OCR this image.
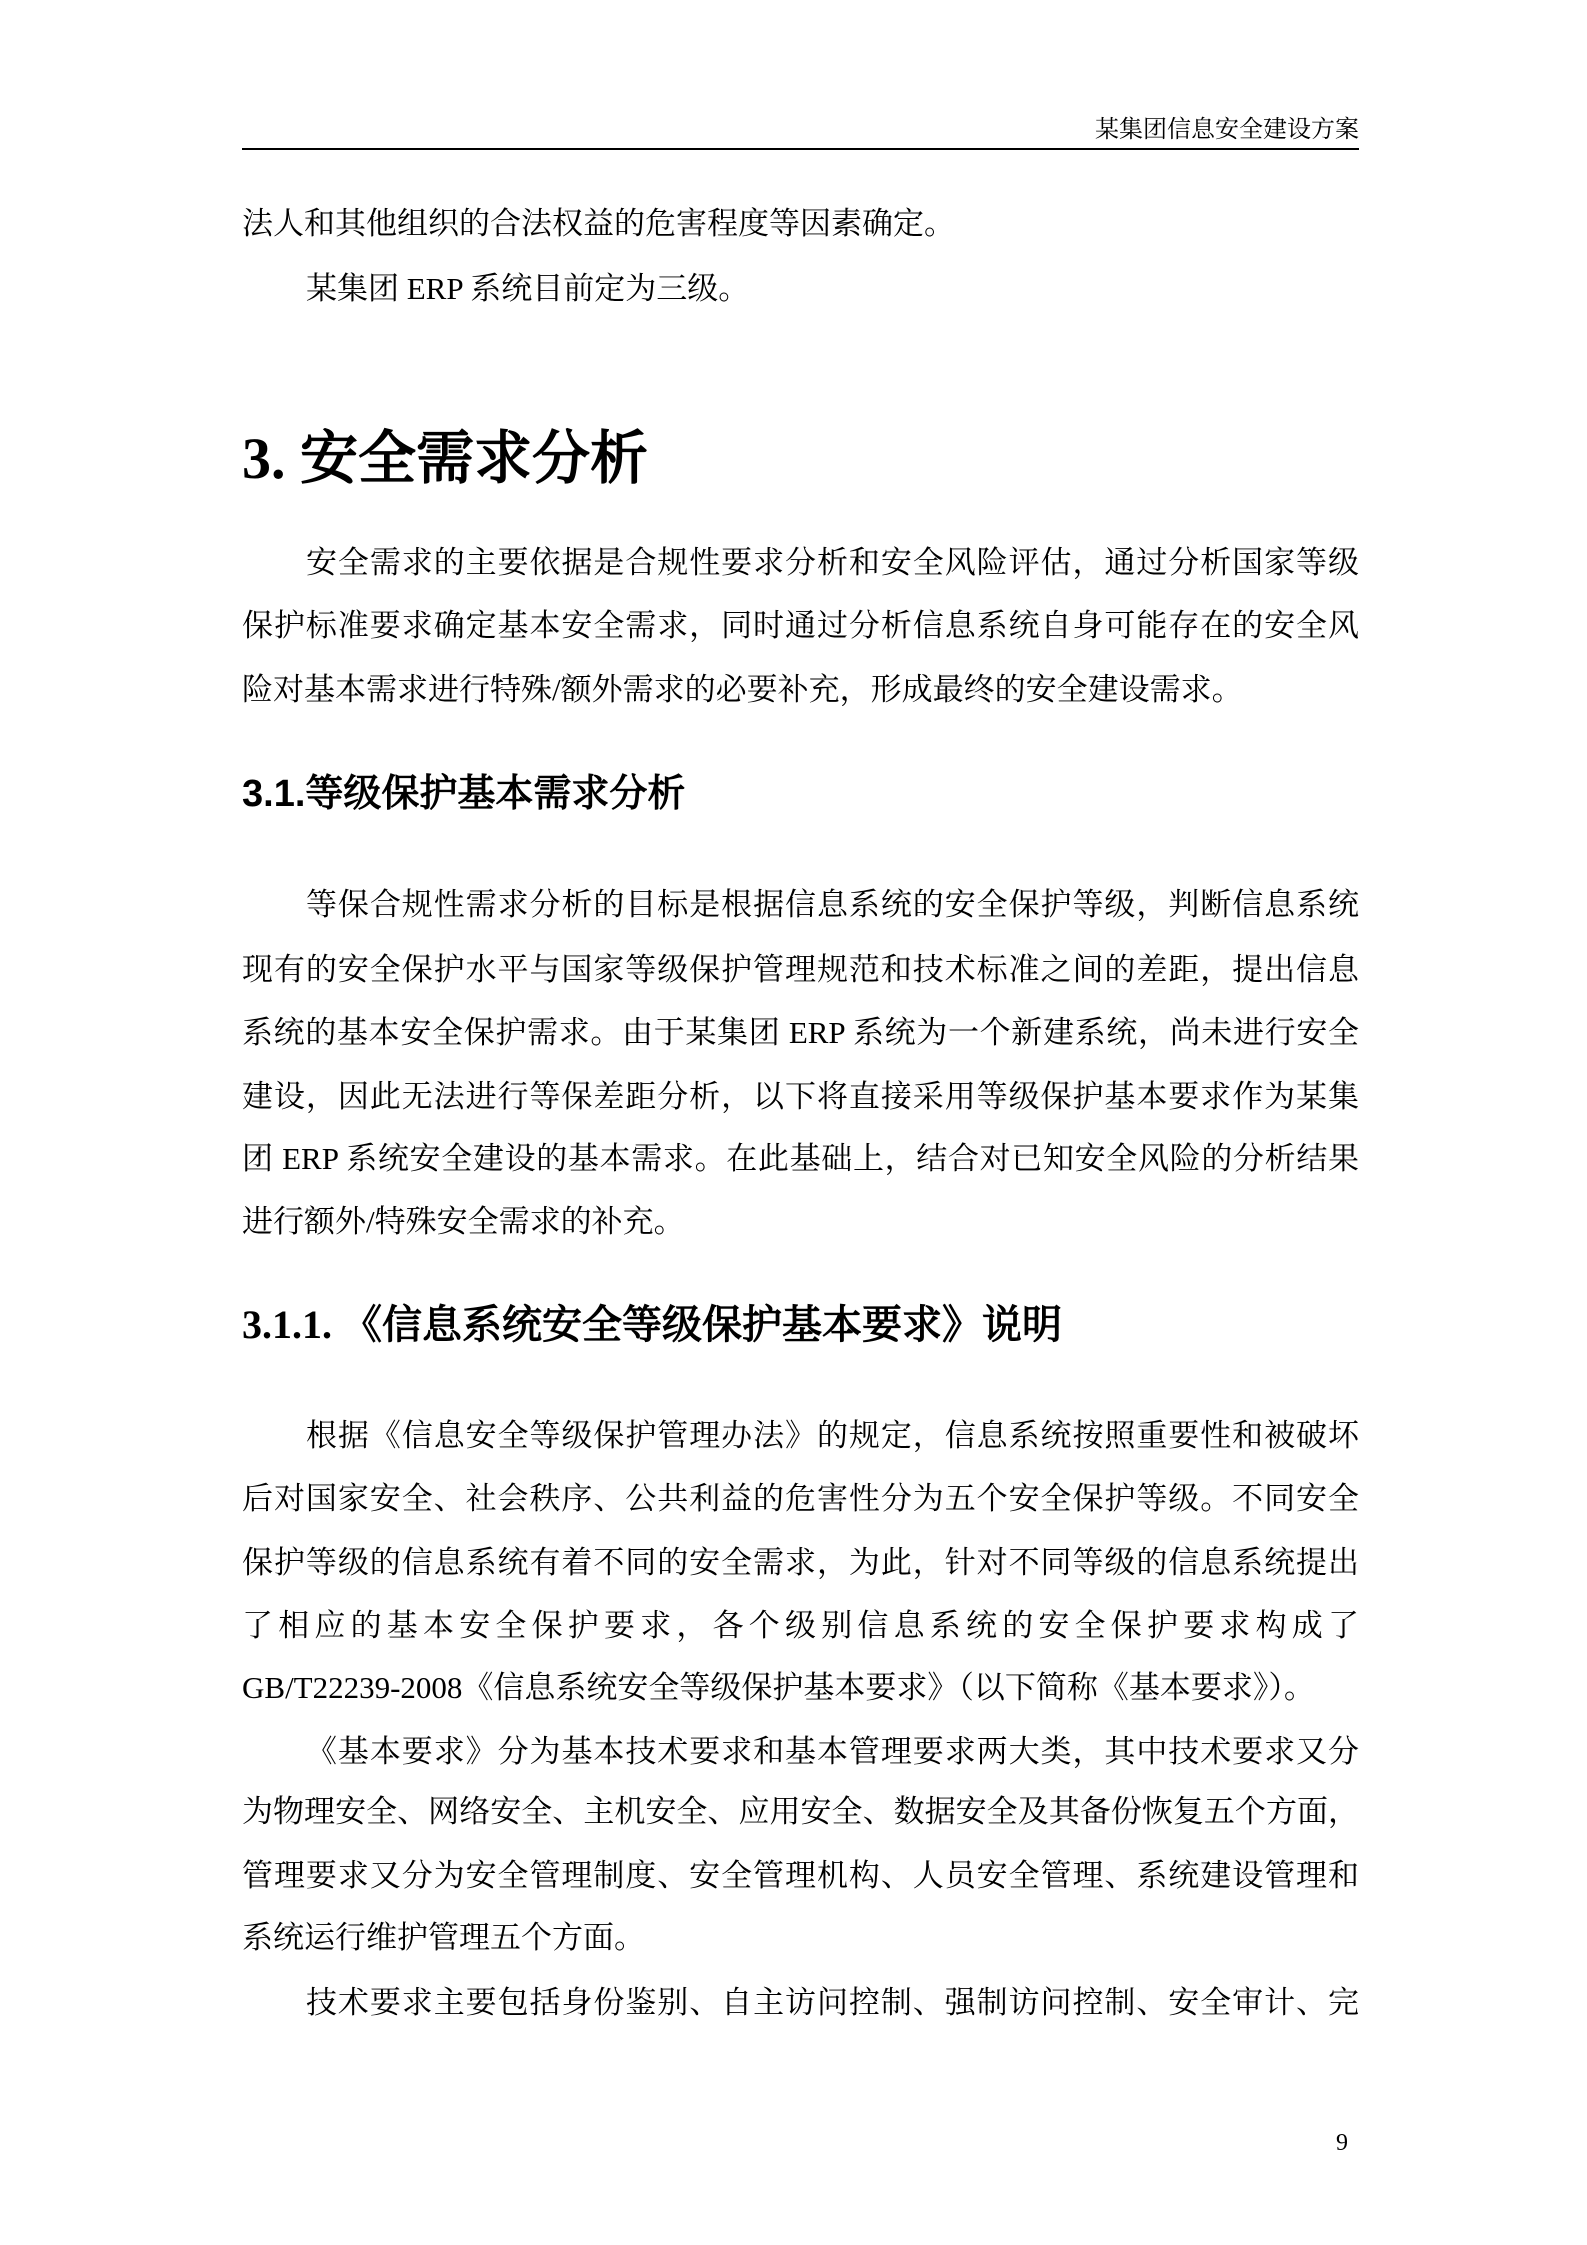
某集团信息安全建设方案
法人和其他组织的合法权益的危害程度等因素确定。
某集团 ERP 系统目前定为三级。
3. 安全需求分析
安全需求的主要依据是合规性要求分析和安全风险评估，通过分析国家等级
保护标准要求确定基本安全需求，同时通过分析信息系统自身可能存在的安全风
险对基本需求进行特殊/额外需求的必要补充，形成最终的安全建设需求。
3.1.等级保护基本需求分析
等保合规性需求分析的目标是根据信息系统的安全保护等级，判断信息系统
现有的安全保护水平与国家等级保护管理规范和技术标准之间的差距，提出信息
系统的基本安全保护需求。由于某集团 ERP 系统为一个新建系统，尚未进行安全
建设，因此无法进行等保差距分析，以下将直接采用等级保护基本要求作为某集
团 ERP 系统安全建设的基本需求。在此基础上，结合对已知安全风险的分析结果
进行额外/特殊安全需求的补充。
3.1.1. 《信息系统安全等级保护基本要求》说明
根据《信息安全等级保护管理办法》的规定，信息系统按照重要性和被破坏
后对国家安全、社会秩序、公共利益的危害性分为五个安全保护等级。不同安全
保护等级的信息系统有着不同的安全需求，为此，针对不同等级的信息系统提出
了相应的基本安全保护要求，各个级别信息系统的安全保护要求构成了
GB/T22239-2008《信息系统安全等级保护基本要求》（以下简称《基本要求》）。
《基本要求》分为基本技术要求和基本管理要求两大类，其中技术要求又分
为物理安全、网络安全、主机安全、应用安全、数据安全及其备份恢复五个方面，
管理要求又分为安全管理制度、安全管理机构、人员安全管理、系统建设管理和
系统运行维护管理五个方面。
技术要求主要包括身份鉴别、自主访问控制、强制访问控制、安全审计、完
9
